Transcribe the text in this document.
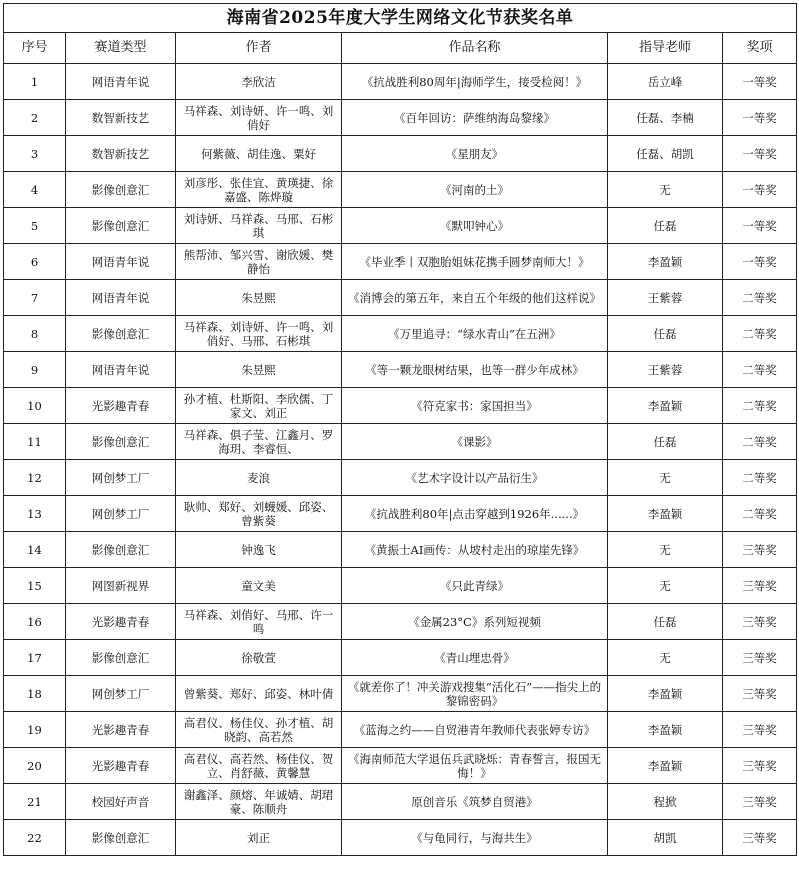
海南省2025年度大学生网络文化节获奖名单					
序号	赛道类型	作者	作品名称	指导老师	奖项
1	网语青年说	李欣洁	《抗战胜利80周年|海师学生，接受检阅！》	岳立峰	一等奖
2	数智新技艺	马祥森、刘诗妍、许一鸣、刘俏好	《百年回访：萨维纳海岛黎缘》	任磊、李楠	一等奖
3	数智新技艺	何紫薇、胡佳逸、粟好	《星朋友》	任磊、胡凯	一等奖
4	影像创意汇	刘彦彤、张佳宜、黄瑛捷、徐嘉盛、陈烨璇	《河南的土》	无	一等奖
5	影像创意汇	刘诗妍、马祥森、马邢、石彬琪	《默叩钟心》	任磊	一等奖
6	网语青年说	熊帮沛、邹兴雪、谢欣媛、樊静怡	《毕业季丨双胞胎姐妹花携手圆梦南师大！》	李盈颖	一等奖
7	网语青年说	朱昱熙	《消博会的第五年，来自五个年级的他们这样说》	王紫蓉	二等奖
8	影像创意汇	马祥森、刘诗妍、许一鸣、刘俏好、马邢、石彬琪	《万里追寻：“绿水青山”在五洲》	任磊	二等奖
9	网语青年说	朱昱熙	《等一颗龙眼树结果，也等一群少年成林》	王紫蓉	二等奖
10	光影趣青春	孙才植、杜斯阳、李欣儒、丁家文、刘正	《符克家书：家国担当》	李盈颖	二等奖
11	影像创意汇	马祥森、俱子莹、江鑫月、罗海玥、李睿恒、	《课影》	任磊	二等奖
12	网创梦工厂	麦浪	《艺术字设计以产品衍生》	无	二等奖
13	网创梦工厂	耿帅、郑好、刘蠛媛、邱姿、曾紫葵	《抗战胜利80年|点击穿越到1926年......》	李盈颖	二等奖
14	影像创意汇	钟逸飞	《黄振士AI画传：从坡村走出的琼崖先锋》	无	三等奖
15	网图新视界	童文美	《只此青绿》	无	三等奖
16	光影趣青春	马祥森、刘俏好、马邢、许一鸣	《金属23°C》系列短视频	任磊	三等奖
17	影像创意汇	徐敬萱	《青山埋忠骨》	无	三等奖
18	网创梦工厂	曾紫葵、郑好、邱姿、林叶倩	《就差你了！冲关游戏搜集“活化石”——指尖上的黎锦密码》	李盈颖	三等奖
19	光影趣青春	高君仪、杨佳仪、孙才植、胡晓韵、高若然	《蓝海之约——自贸港青年教师代表张婷专访》	李盈颖	三等奖
20	光影趣青春	高君仪、高若然、杨佳仪、贺立、肖舒薇、黄馨慧	《海南师范大学退伍兵武晓烁：青春誓言，报国无悔！》	李盈颖	三等奖
21	校园好声音	谢鑫泽、颜熔、年诚婧、胡珺豪、陈顺舟	原创音乐《筑梦自贸港》	程掀	三等奖
22	影像创意汇	刘正	《与龟同行，与海共生》	胡凯	三等奖
